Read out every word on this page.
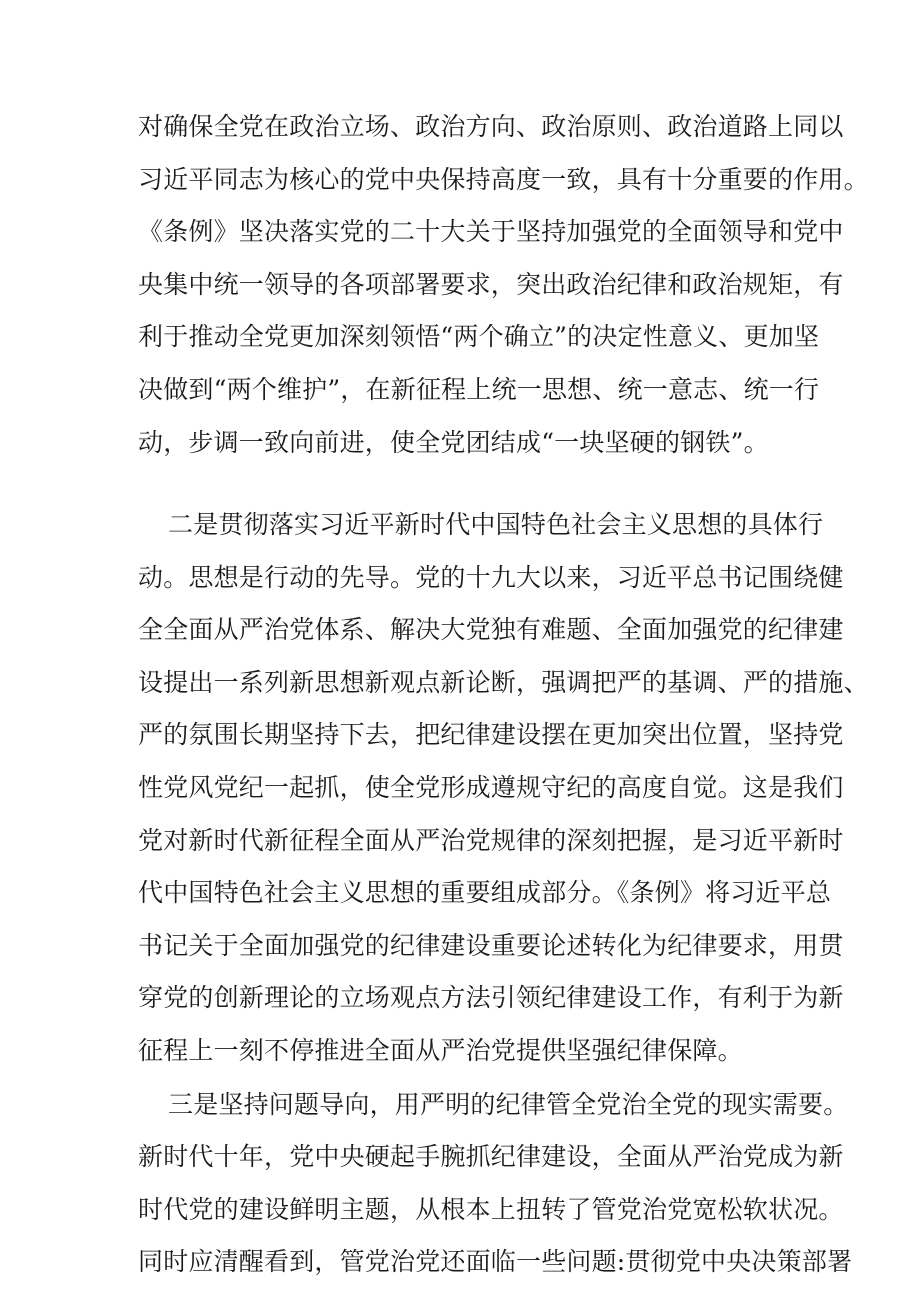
对确保全党在政治立场、政治方向、政治原则、政治道路上同以
习近平同志为核心的党中央保持高度一致，具有十分重要的作用。
《条例》坚决落实党的二十大关于坚持加强党的全面领导和党中
央集中统一领导的各项部署要求，突出政治纪律和政治规矩，有
利于推动全党更加深刻领悟“两个确立”的决定性意义、更加坚
决做到“两个维护”，在新征程上统一思想、统一意志、统一行
动，步调一致向前进，使全党团结成“一块坚硬的钢铁”。
二是贯彻落实习近平新时代中国特色社会主义思想的具体行
动。思想是行动的先导。党的十九大以来，习近平总书记围绕健
全全面从严治党体系、解决大党独有难题、全面加强党的纪律建
设提出一系列新思想新观点新论断，强调把严的基调、严的措施、
严的氛围长期坚持下去，把纪律建设摆在更加突出位置，坚持党
性党风党纪一起抓，使全党形成遵规守纪的高度自觉。这是我们
党对新时代新征程全面从严治党规律的深刻把握，是习近平新时
代中国特色社会主义思想的重要组成部分。《条例》将习近平总
书记关于全面加强党的纪律建设重要论述转化为纪律要求，用贯
穿党的创新理论的立场观点方法引领纪律建设工作，有利于为新
征程上一刻不停推进全面从严治党提供坚强纪律保障。
三是坚持问题导向，用严明的纪律管全党治全党的现实需要。
新时代十年，党中央硬起手腕抓纪律建设，全面从严治党成为新
时代党的建设鲜明主题，从根本上扭转了管党治党宽松软状况。
同时应清醒看到，管党治党还面临一些问题:贯彻党中央决策部署
